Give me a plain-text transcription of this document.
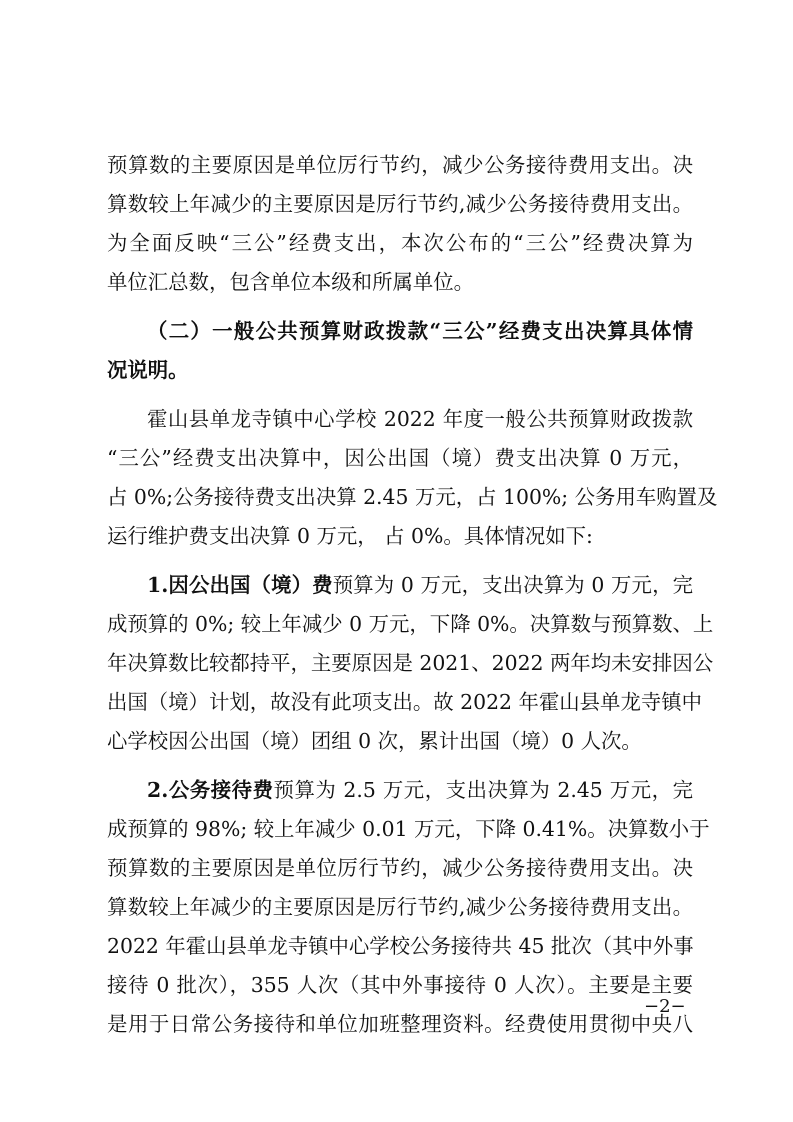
预算数的主要原因是单位厉行节约，减少公务接待费用支出。决
算数较上年减少的主要原因是厉行节约,减少公务接待费用支出。
为全面反映“三公”经费支出，本次公布的“三公”经费决算为
单位汇总数，包含单位本级和所属单位。
（二）一般公共预算财政拨款“三公”经费支出决算具体情
况说明。
霍山县单龙寺镇中心学校 2022 年度一般公共预算财政拨款
“三公”经费支出决算中，因公出国（境）费支出决算 0 万元，
占 0%;公务接待费支出决算 2.45 万元，占 100%; 公务用车购置及
运行维护费支出决算 0 万元， 占 0%。具体情况如下:
1.因公出国（境）费预算为 0 万元，支出决算为 0 万元，完
成预算的 0%; 较上年减少 0 万元，下降 0%。决算数与预算数、上
年决算数比较都持平，主要原因是 2021、2022 两年均未安排因公
出国（境）计划，故没有此项支出。故 2022 年霍山县单龙寺镇中
心学校因公出国（境）团组 0 次，累计出国（境）0 人次。
2.公务接待费预算为 2.5 万元，支出决算为 2.45 万元，完
成预算的 98%; 较上年减少 0.01 万元，下降 0.41%。决算数小于
预算数的主要原因是单位厉行节约，减少公务接待费用支出。决
算数较上年减少的主要原因是厉行节约,减少公务接待费用支出。
2022 年霍山县单龙寺镇中心学校公务接待共 45 批次（其中外事
接待 0 批次），355 人次（其中外事接待 0 人次）。主要是主要
是用于日常公务接待和单位加班整理资料。经费使用贯彻中央八
−2−
